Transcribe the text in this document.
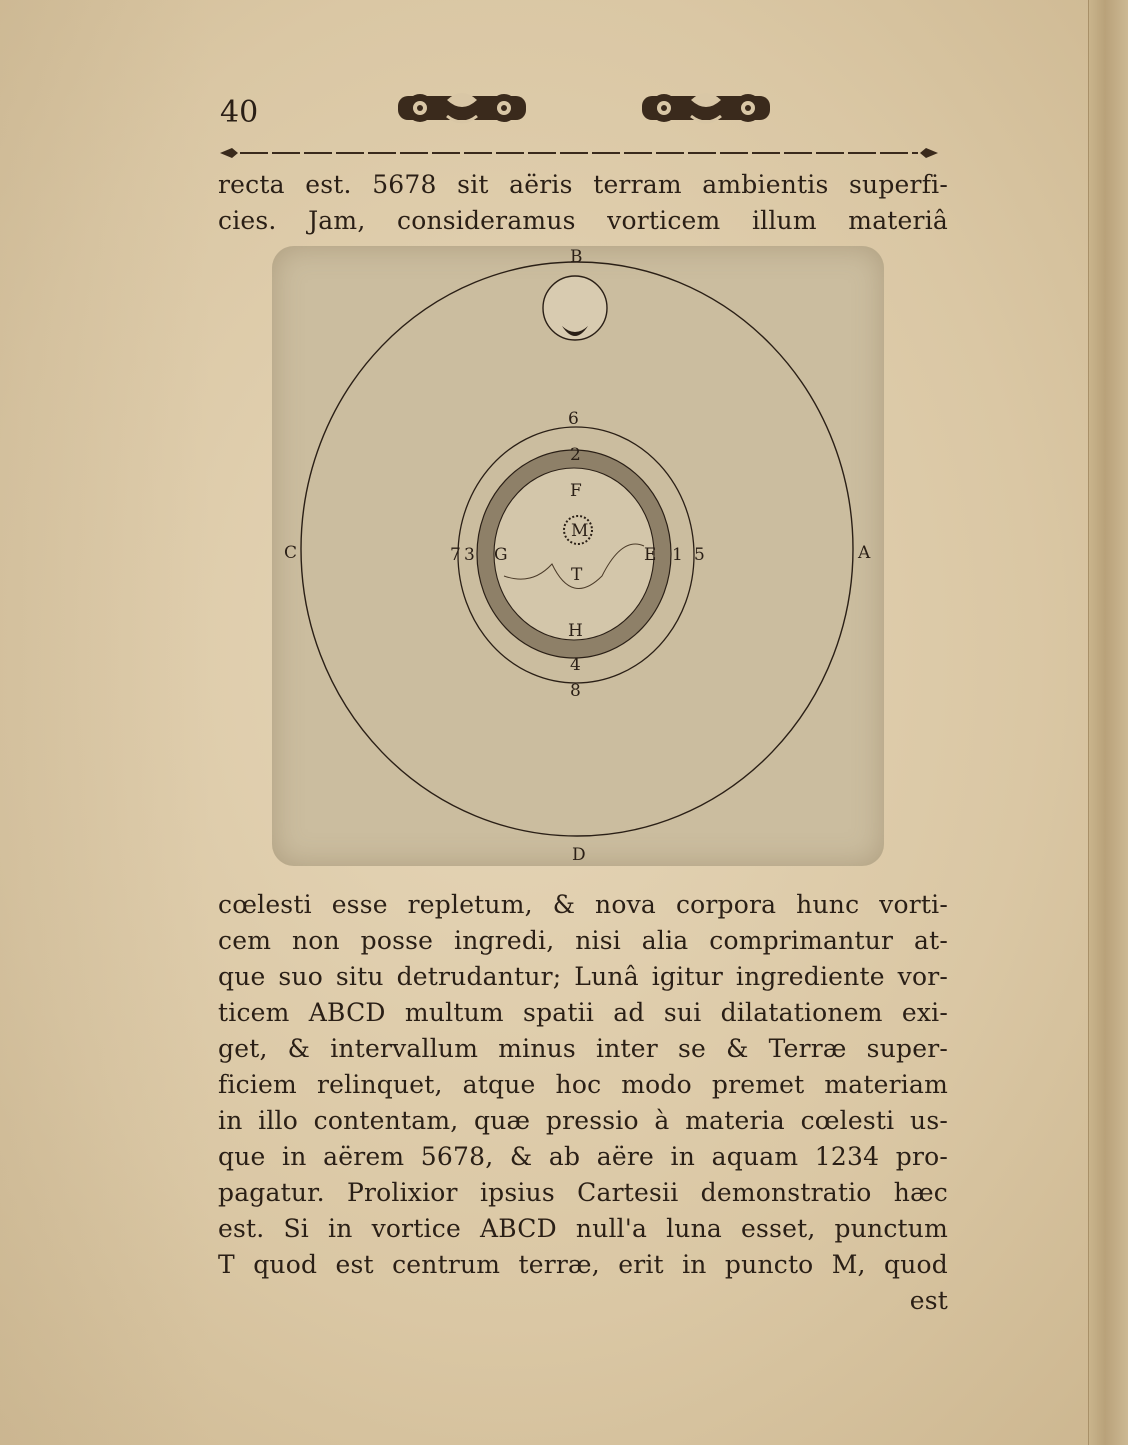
40
recta est. 5678 sit aëris terram ambientis superfi-
cies. Jam, consideramus vorticem illum materiâ
B
D
C	A
6
2
F
M
T
7 3 G	E 1 5
H
4
8
cœlesti esse repletum, & nova corpora hunc vorti-
cem non posse ingredi, nisi alia comprimantur at-
que suo situ detrudantur; Lunâ igitur ingrediente vor-
ticem ABCD multum spatii ad sui dilatationem exi-
get, & intervallum minus inter se & Terræ super-
ficiem relinquet, atque hoc modo premet materiam
in illo contentam, quæ pressio à materia cœlesti us-
que in aërem 5678, & ab aëre in aquam 1234 pro-
pagatur. Prolixior ipsius Cartesii demonstratio hæc
est. Si in vortice ABCD null'a luna esset, punctum
T quod est centrum terræ, erit in puncto M, quod
est
